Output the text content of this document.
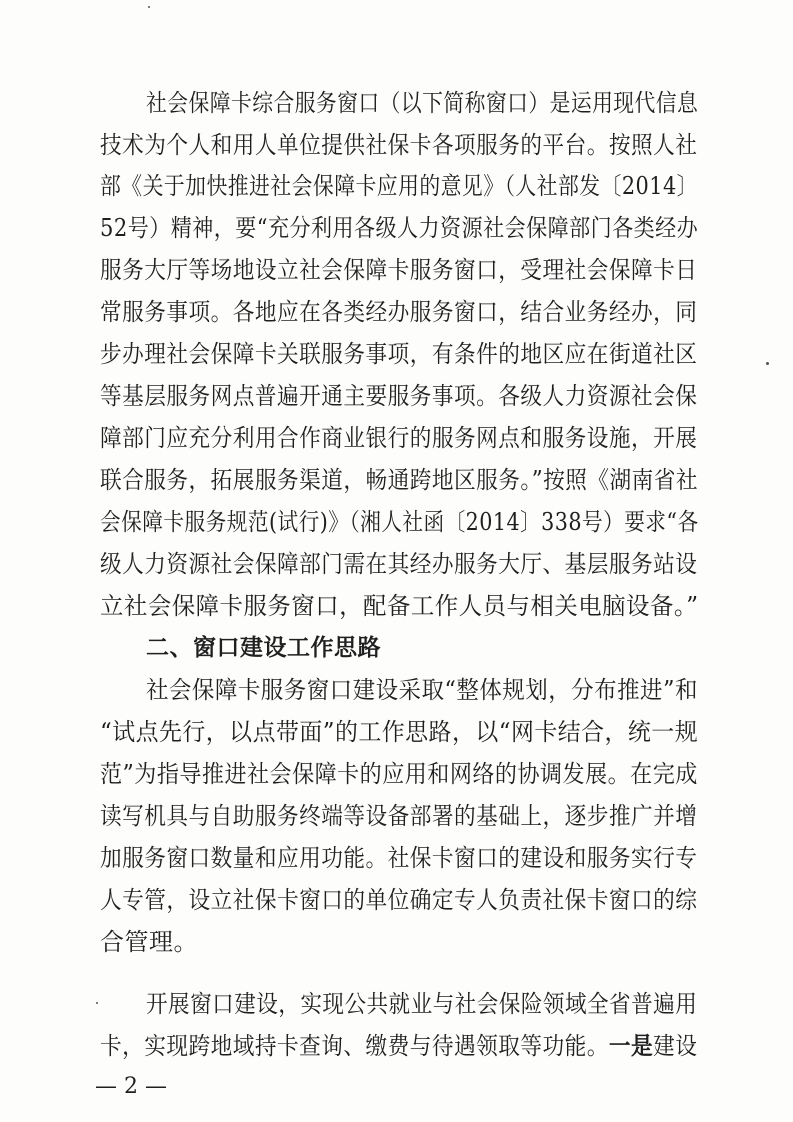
社会保障卡综合服务窗口（以下简称窗口）是运用现代信息
技术为个人和用人单位提供社保卡各项服务的平台。按照人社
部《关于加快推进社会保障卡应用的意见》（人社部发〔2014〕
52号）精神，要“充分利用各级人力资源社会保障部门各类经办
服务大厅等场地设立社会保障卡服务窗口，受理社会保障卡日
常服务事项。各地应在各类经办服务窗口，结合业务经办，同
步办理社会保障卡关联服务事项，有条件的地区应在街道社区
等基层服务网点普遍开通主要服务事项。各级人力资源社会保
障部门应充分利用合作商业银行的服务网点和服务设施，开展
联合服务，拓展服务渠道，畅通跨地区服务。”按照《湖南省社
会保障卡服务规范(试行)》（湘人社函〔2014〕338号）要求“各
级人力资源社会保障部门需在其经办服务大厅、基层服务站设
立社会保障卡服务窗口，配备工作人员与相关电脑设备。”
二、窗口建设工作思路
社会保障卡服务窗口建设采取“整体规划，分布推进”和
“试点先行，以点带面”的工作思路，以“网卡结合，统一规
范”为指导推进社会保障卡的应用和网络的协调发展。在完成
读写机具与自助服务终端等设备部署的基础上，逐步推广并增
加服务窗口数量和应用功能。社保卡窗口的建设和服务实行专
人专管，设立社保卡窗口的单位确定专人负责社保卡窗口的综
合管理。
开展窗口建设，实现公共就业与社会保险领域全省普遍用
卡，实现跨地域持卡查询、缴费与待遇领取等功能。一是建设
— 2 —
